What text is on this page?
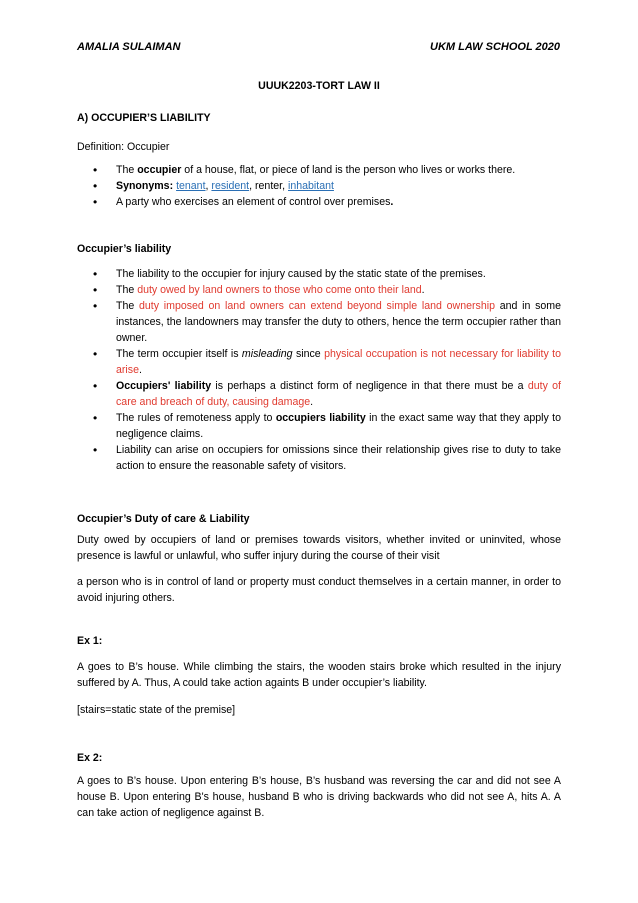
AMALIA SULAIMAN	UKM LAW SCHOOL 2020
UUUK2203-TORT LAW II
A) OCCUPIER’S LIABILITY
Definition: Occupier
• The occupier of a house, flat, or piece of land is the person who lives or works there.
• Synonyms: tenant, resident, renter, inhabitant
• A party who exercises an element of control over premises.
Occupier’s liability
• The liability to the occupier for injury caused by the static state of the premises.
• The duty owed by land owners to those who come onto their land.
• The duty imposed on land owners can extend beyond simple land ownership and in some instances, the landowners may transfer the duty to others, hence the term occupier rather than owner.
• The term occupier itself is misleading since physical occupation is not necessary for liability to arise.
• Occupiers' liability is perhaps a distinct form of negligence in that there must be a duty of care and breach of duty, causing damage.
• The rules of remoteness apply to occupiers liability in the exact same way that they apply to negligence claims.
• Liability can arise on occupiers for omissions since their relationship gives rise to duty to take action to ensure the reasonable safety of visitors.
Occupier’s Duty of care & Liability

Duty owed by occupiers of land or premises towards visitors, whether invited or uninvited, whose presence is lawful or unlawful, who suffer injury during the course of their visit

a person who is in control of land or property must conduct themselves in a certain manner, in order to avoid injuring others.

Ex 1:

A goes to B’s house. While climbing the stairs, the wooden stairs broke which resulted in the injury suffered by A. Thus, A could take action againts B under occupier’s liability.

[stairs=static state of the premise]

Ex 2:

A goes to B’s house. Upon entering B’s house, B’s husband was reversing the car and did not see A house B. Upon entering B's house, husband B who is driving backwards who did not see A, hits A. A can take action of negligence against B.
